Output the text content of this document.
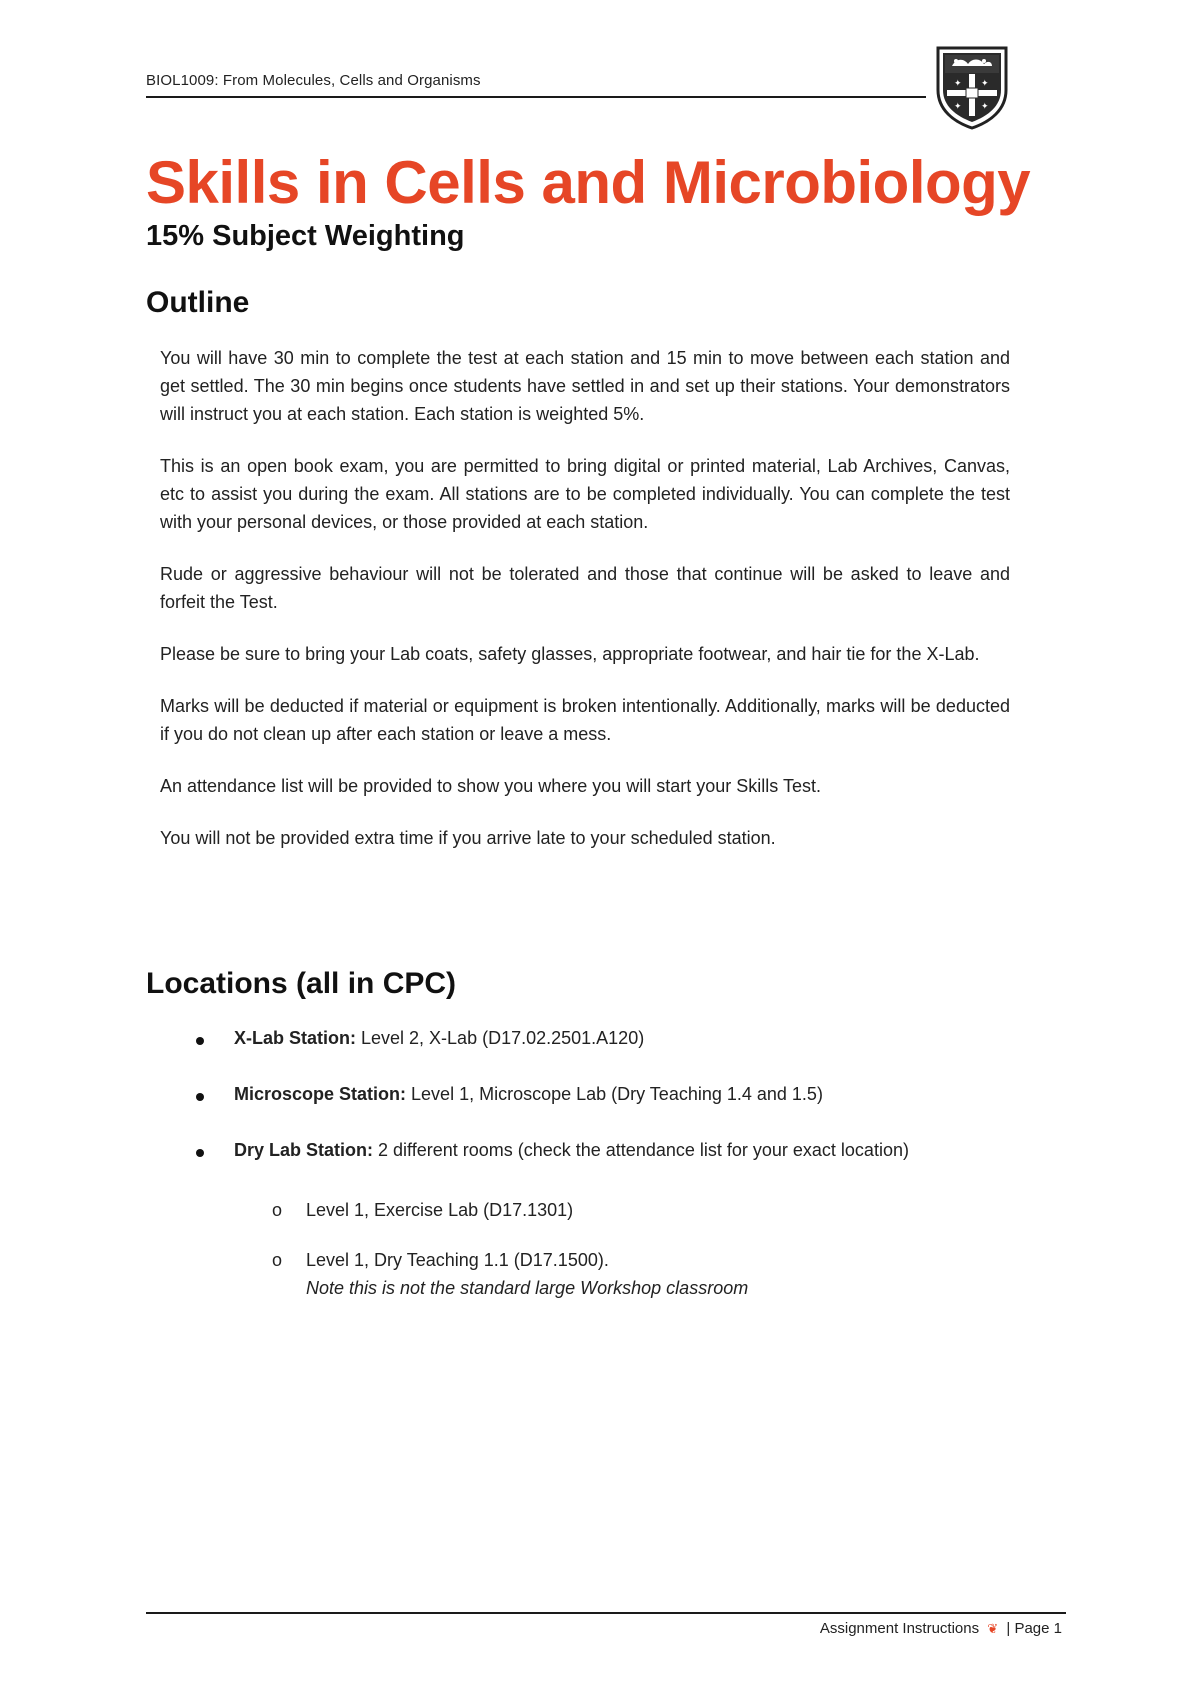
BIOL1009: From Molecules, Cells and Organisms	✦ ✦
✦ ✦
Skills in Cells and Microbiology
15% Subject Weighting
Outline

You will have 30 min to complete the test at each station and 15 min to move between each station and get settled. The 30 min begins once students have settled in and set up their stations. Your demonstrators will instruct you at each station. Each station is weighted 5%.

This is an open book exam, you are permitted to bring digital or printed material, Lab Archives, Canvas, etc to assist you during the exam. All stations are to be completed individually. You can complete the test with your personal devices, or those provided at each station.

Rude or aggressive behaviour will not be tolerated and those that continue will be asked to leave and forfeit the Test.

Please be sure to bring your Lab coats, safety glasses, appropriate footwear, and hair tie for the X-Lab.

Marks will be deducted if material or equipment is broken intentionally. Additionally, marks will be deducted if you do not clean up after each station or leave a mess.

An attendance list will be provided to show you where you will start your Skills Test.

You will not be provided extra time if you arrive late to your scheduled station.

Locations (all in CPC)
X-Lab Station: Level 2, X-Lab (D17.02.2501.A120)
Microscope Station: Level 1, Microscope Lab (Dry Teaching 1.4 and 1.5)
Dry Lab Station: 2 different rooms (check the attendance list for your exact location)
o Level 1, Exercise Lab (D17.1301)
o Level 1, Dry Teaching 1.1 (D17.1500).
Note this is not the standard large Workshop classroom
Assignment Instructions ❦ | Page 1
